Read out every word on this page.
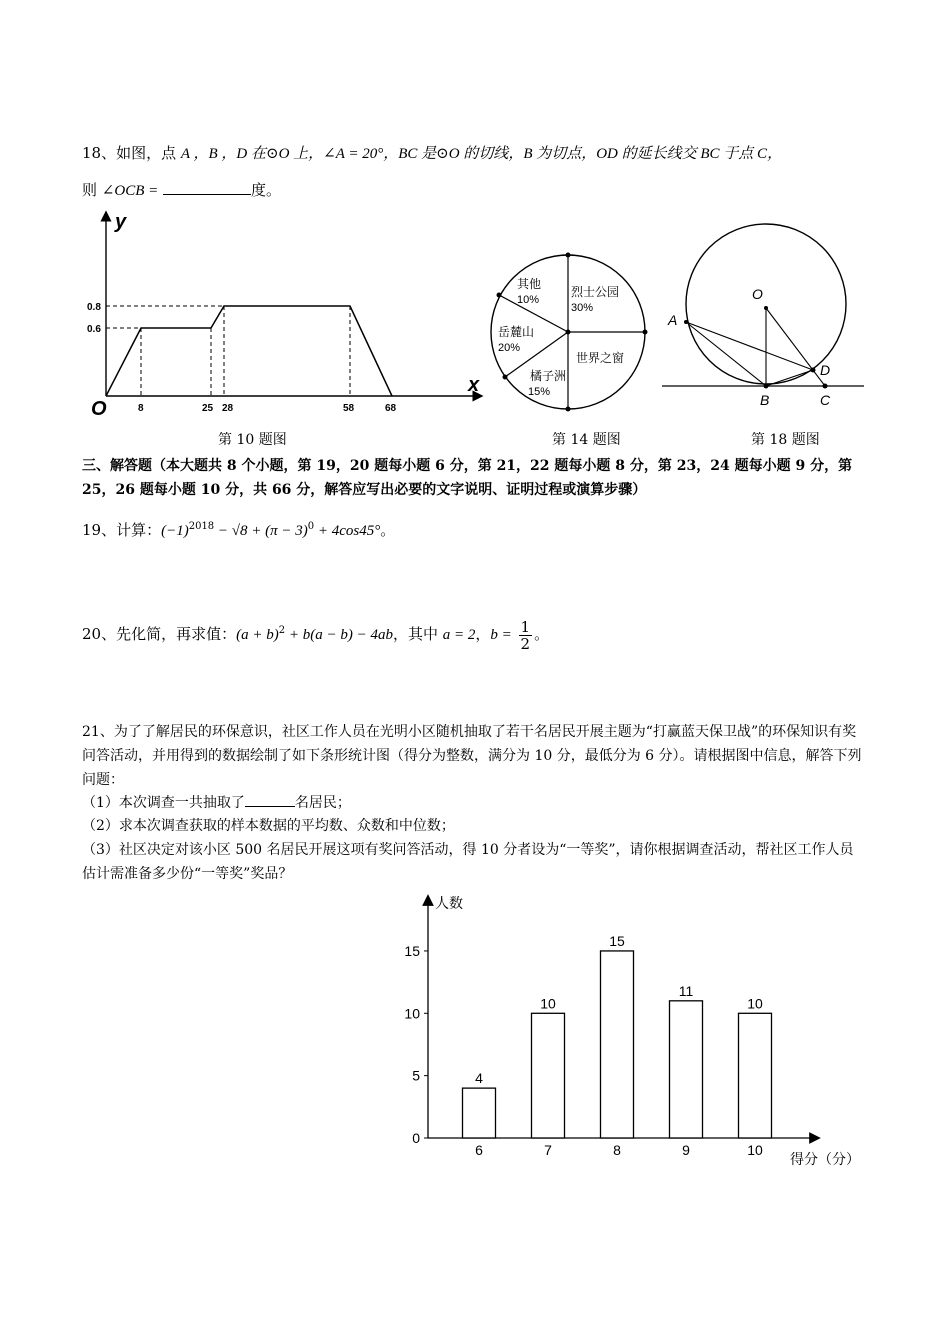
18、如图，点 A ，B ，D 在⊙O 上，∠A = 20°，BC 是⊙O 的切线，B 为切点，OD 的延长线交 BC 于点 C，
则 ∠OCB =	度。
y
x
O
0.8
0.6
8	25 28	58	68
第 10 题图
烈士公园
30%
世界之窗
橘子洲
15%
岳麓山
20%
其他
10%
第 14 题图
O
A
B	C
D
第 18 题图
三、解答题（本大题共 8 个小题，第 19，20 题每小题 6 分，第 21，22 题每小题 8 分，第 23，24 题每小题 9 分，第 25，26 题每小题 10 分，共 66 分，解答应写出必要的文字说明、证明过程或演算步骤）
19、计算：$(-1)^{2018} - √8 + (\pi - 3)^0 + 4\cos 45^\circ$。
20、先化简，再求值：$(a + b)^2 + b(a - b) - 4ab$，其中 a = 2，$b = \frac{1}{2}$ 。
21、为了了解居民的环保意识，社区工作人员在光明小区随机抽取了若干名居民开展主题为“打赢蓝天保卫战”的环保知识有奖问答活动，并用得到的数据绘制了如下条形统计图（得分为整数，满分为 10 分，最低分为 6 分）。请根据图中信息，解答下列问题：
（1）本次调查一共抽取了	名居民；
（2）求本次调查获取的样本数据的平均数、众数和中位数；
（3）社区决定对该小区 500 名居民开展这项有奖问答活动，得 10 分者设为“一等奖”，请你根据调查活动，帮社区工作人员估计需准备多少份“一等奖”奖品？
人数
得分（分）
0
5
10
15
4
6
10
7
15
8
11
9
10
10
